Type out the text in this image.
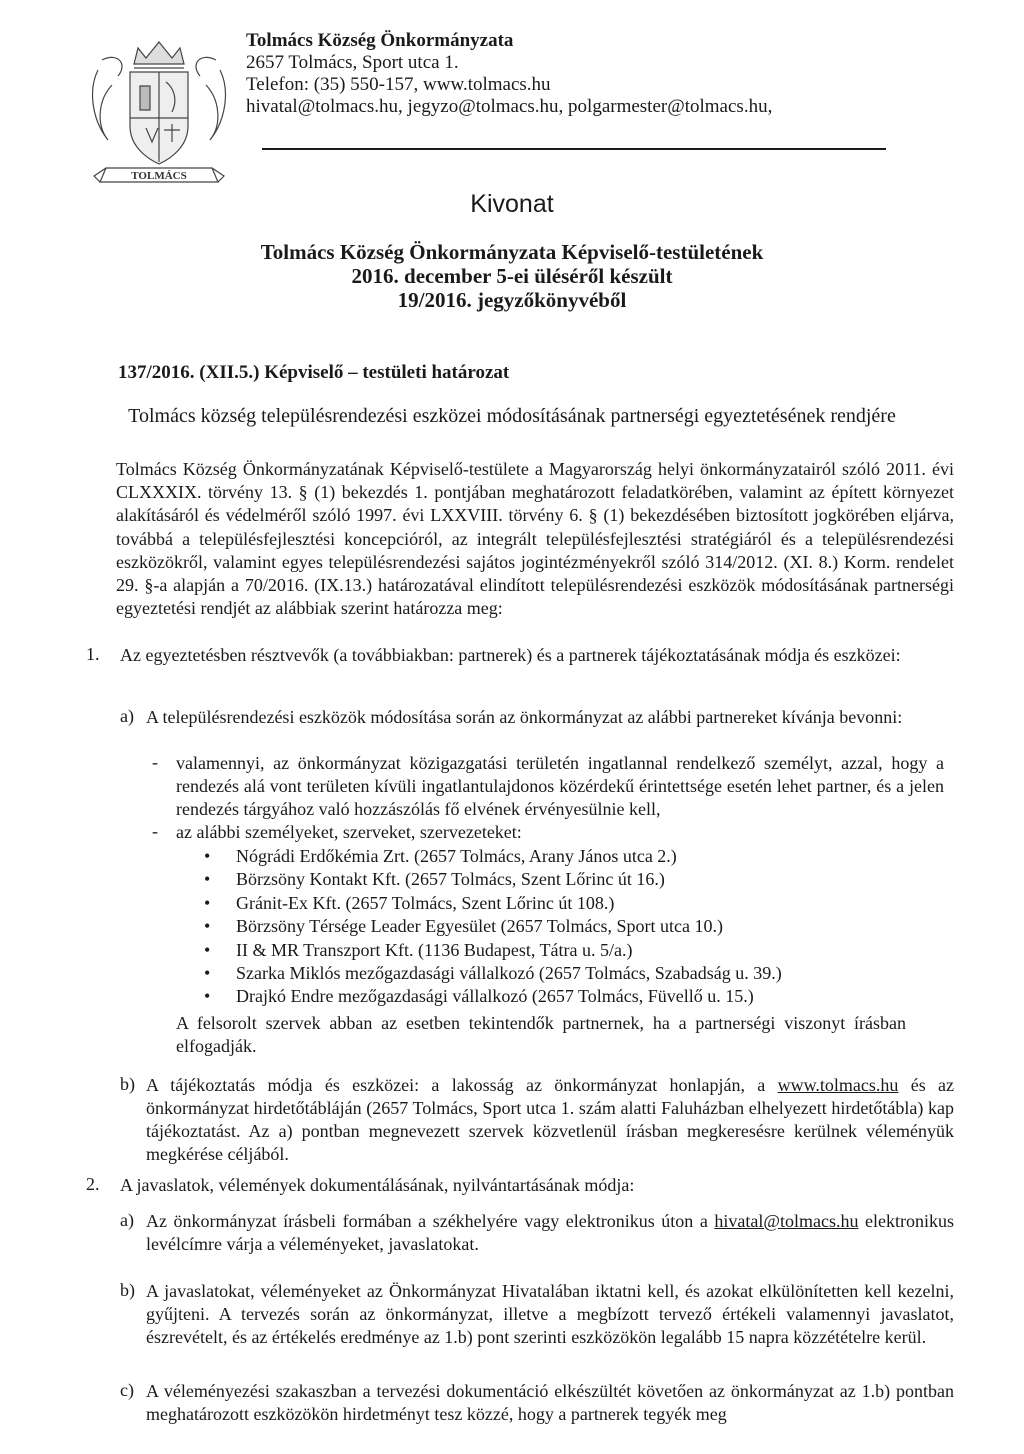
TOLMÁCS
Tolmács Község Önkormányzata
2657 Tolmács, Sport utca 1.
Telefon: (35) 550-157, www.tolmacs.hu
hivatal@tolmacs.hu, jegyzo@tolmacs.hu, polgarmester@tolmacs.hu,
Kivonat
Tolmács Község Önkormányzata Képviselő-testületének
2016. december 5-ei üléséről készült
19/2016. jegyzőkönyvéből
137/2016. (XII.5.) Képviselő – testületi határozat
Tolmács község településrendezési eszközei módosításának partnerségi egyeztetésének rendjére
Tolmács Község Önkormányzatának Képviselő-testülete a Magyarország helyi önkormányzatairól szóló 2011. évi CLXXXIX. törvény 13. § (1) bekezdés 1. pontjában meghatározott feladatkörében, valamint az épített környezet alakításáról és védelméről szóló 1997. évi LXXVIII. törvény 6. § (1) bekezdésében biztosított jogkörében eljárva, továbbá a településfejlesztési koncepcióról, az integrált településfejlesztési stratégiáról és a településrendezési eszközökről, valamint egyes településrendezési sajátos jogintézményekről szóló 314/2012. (XI. 8.) Korm. rendelet 29. §-a alapján a 70/2016. (IX.13.) határozatával elindított településrendezési eszközök módosításának partnerségi egyeztetési rendjét az alábbiak szerint határozza meg:
1. Az egyeztetésben résztvevők (a továbbiakban: partnerek) és a partnerek tájékoztatásának módja és eszközei:
a) A településrendezési eszközök módosítása során az önkormányzat az alábbi partnereket kívánja bevonni:
- valamennyi, az önkormányzat közigazgatási területén ingatlannal rendelkező személyt, azzal, hogy a rendezés alá vont területen kívüli ingatlantulajdonos közérdekű érintettsége esetén lehet partner, és a jelen rendezés tárgyához való hozzászólás fő elvének érvényesülnie kell,
- az alábbi személyeket, szerveket, szervezeteket:
• Nógrádi Erdőkémia Zrt. (2657 Tolmács, Arany János utca 2.)
• Börzsöny Kontakt Kft. (2657 Tolmács, Szent Lőrinc út 16.)
• Gránit-Ex Kft. (2657 Tolmács, Szent Lőrinc út 108.)
• Börzsöny Térsége Leader Egyesület (2657 Tolmács, Sport utca 10.)
• II & MR Transzport Kft. (1136 Budapest, Tátra u. 5/a.)
• Szarka Miklós mezőgazdasági vállalkozó (2657 Tolmács, Szabadság u. 39.)
• Drajkó Endre mezőgazdasági vállalkozó (2657 Tolmács, Füvellő u. 15.)
A felsorolt szervek abban az esetben tekintendők partnernek, ha a partnerségi viszonyt írásban elfogadják.
b) A tájékoztatás módja és eszközei: a lakosság az önkormányzat honlapján, a www.tolmacs.hu és az önkormányzat hirdetőtábláján (2657 Tolmács, Sport utca 1. szám alatti Faluházban elhelyezett hirdetőtábla) kap tájékoztatást. Az a) pontban megnevezett szervek közvetlenül írásban megkeresésre kerülnek véleményük megkérése céljából.
2. A javaslatok, vélemények dokumentálásának, nyilvántartásának módja:
a) Az önkormányzat írásbeli formában a székhelyére vagy elektronikus úton a hivatal@tolmacs.hu elektronikus levélcímre várja a véleményeket, javaslatokat.
b) A javaslatokat, véleményeket az Önkormányzat Hivatalában iktatni kell, és azokat elkülönítetten kell kezelni, gyűjteni. A tervezés során az önkormányzat, illetve a megbízott tervező értékeli valamennyi javaslatot, észrevételt, és az értékelés eredménye az 1.b) pont szerinti eszközökön legalább 15 napra közzétételre kerül.
c) A véleményezési szakaszban a tervezési dokumentáció elkészültét követően az önkormányzat az 1.b) pontban meghatározott eszközökön hirdetményt tesz közzé, hogy a partnerek tegyék meg
